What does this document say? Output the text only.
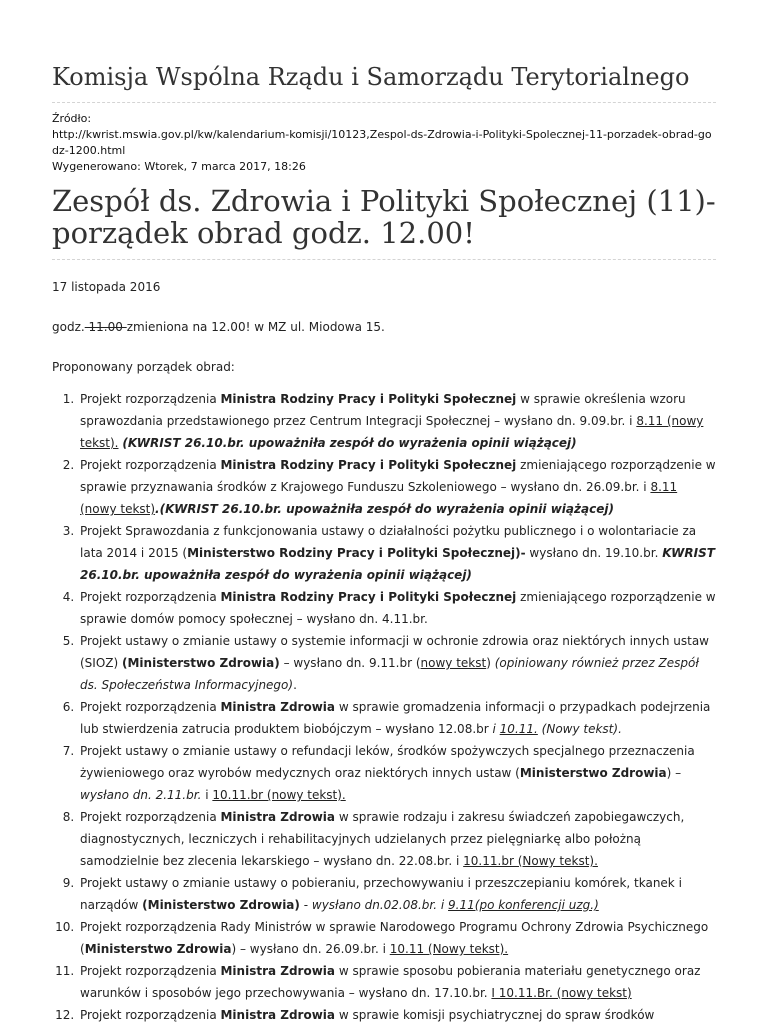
Komisja Wspólna Rządu i Samorządu Terytorialnego
Źródło:
http://kwrist.mswia.gov.pl/kw/kalendarium-komisji/10123,Zespol-ds-Zdrowia-i-Polityki-Spolecznej-11-porzadek-obrad-godz-1200.html
Wygenerowano: Wtorek, 7 marca 2017, 18:26
Zespół ds. Zdrowia i Polityki Społecznej (11)-porządek obrad godz. 12.00!
17 listopada 2016
godz. 11.00 zmieniona na 12.00! w MZ ul. Miodowa 15.
Proponowany porządek obrad:
1. Projekt rozporządzenia Ministra Rodziny Pracy i Polityki Społecznej w sprawie określenia wzoru sprawozdania przedstawionego przez Centrum Integracji Społecznej – wysłano dn. 9.09.br. i 8.11 (nowy tekst). (KWRIST 26.10.br. upoważniła zespół do wyrażenia opinii wiążącej)
2. Projekt rozporządzenia Ministra Rodziny Pracy i Polityki Społecznej zmieniającego rozporządzenie w sprawie przyznawania środków z Krajowego Funduszu Szkoleniowego – wysłano dn. 26.09.br. i 8.11 (nowy tekst).(KWRIST 26.10.br. upoważniła zespół do wyrażenia opinii wiążącej)
3. Projekt Sprawozdania z funkcjonowania ustawy o działalności pożytku publicznego i o wolontariacie za lata 2014 i 2015 (Ministerstwo Rodziny Pracy i Polityki Społecznej)- wysłano dn. 19.10.br. KWRIST 26.10.br. upoważniła zespół do wyrażenia opinii wiążącej)
4. Projekt rozporządzenia Ministra Rodziny Pracy i Polityki Społecznej zmieniającego rozporządzenie w sprawie domów pomocy społecznej – wysłano dn. 4.11.br.
5. Projekt ustawy o zmianie ustawy o systemie informacji w ochronie zdrowia oraz niektórych innych ustaw (SIOZ) (Ministerstwo Zdrowia) – wysłano dn. 9.11.br (nowy tekst) (opiniowany również przez Zespół ds. Społeczeństwa Informacyjnego).
6. Projekt rozporządzenia Ministra Zdrowia w sprawie gromadzenia informacji o przypadkach podejrzenia lub stwierdzenia zatrucia produktem biobójczym – wysłano 12.08.br i 10.11. (Nowy tekst).
7. Projekt ustawy o zmianie ustawy o refundacji leków, środków spożywczych specjalnego przeznaczenia żywieniowego oraz wyrobów medycznych oraz niektórych innych ustaw (Ministerstwo Zdrowia) – wysłano dn. 2.11.br. i 10.11.br (nowy tekst).
8. Projekt rozporządzenia Ministra Zdrowia w sprawie rodzaju i zakresu świadczeń zapobiegawczych, diagnostycznych, leczniczych i rehabilitacyjnych udzielanych przez pielęgniarkę albo położną samodzielnie bez zlecenia lekarskiego – wysłano dn. 22.08.br. i 10.11.br (Nowy tekst).
9. Projekt ustawy o zmianie ustawy o pobieraniu, przechowywaniu i przeszczepianiu komórek, tkanek i narządów (Ministerstwo Zdrowia) - wysłano dn.02.08.br. i 9.11(po konferencji uzg.)
10. Projekt rozporządzenia Rady Ministrów w sprawie Narodowego Programu Ochrony Zdrowia Psychicznego (Ministerstwo Zdrowia) – wysłano dn. 26.09.br. i 10.11 (Nowy tekst).
11. Projekt rozporządzenia Ministra Zdrowia w sprawie sposobu pobierania materiału genetycznego oraz warunków i sposobów jego przechowywania – wysłano dn. 17.10.br. I 10.11.Br. (nowy tekst)
12. Projekt rozporządzenia Ministra Zdrowia w sprawie komisji psychiatrycznej do spraw środków
